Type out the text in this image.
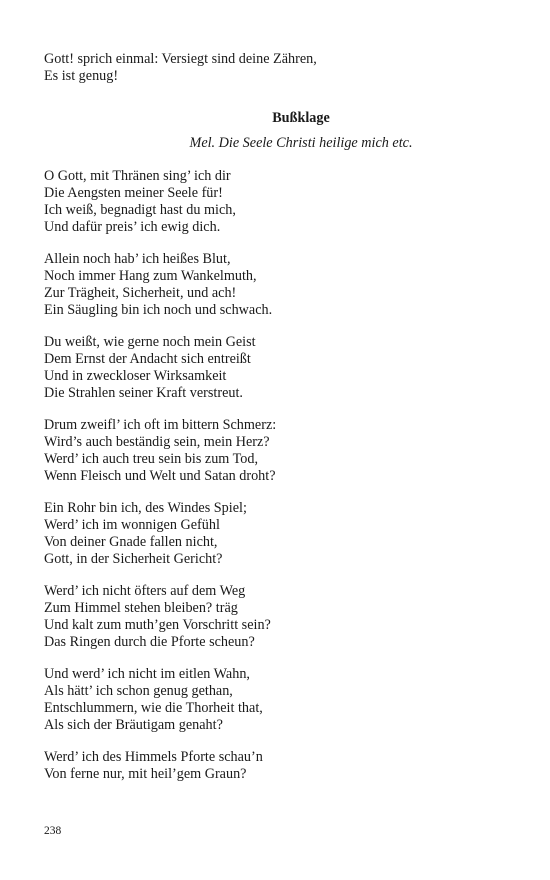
Gott! sprich einmal: Versiegt sind deine Zähren,
Es ist genug!
Bußklage
Mel. Die Seele Christi heilige mich etc.
O Gott, mit Thränen sing’ ich dir
Die Aengsten meiner Seele für!
Ich weiß, begnadigt hast du mich,
Und dafür preis’ ich ewig dich.
Allein noch hab’ ich heißes Blut,
Noch immer Hang zum Wankelmuth,
Zur Trägheit, Sicherheit, und ach!
Ein Säugling bin ich noch und schwach.
Du weißt, wie gerne noch mein Geist
Dem Ernst der Andacht sich entreißt
Und in zweckloser Wirksamkeit
Die Strahlen seiner Kraft verstreut.
Drum zweifl’ ich oft im bittern Schmerz:
Wird’s auch beständig sein, mein Herz?
Werd’ ich auch treu sein bis zum Tod,
Wenn Fleisch und Welt und Satan droht?
Ein Rohr bin ich, des Windes Spiel;
Werd’ ich im wonnigen Gefühl
Von deiner Gnade fallen nicht,
Gott, in der Sicherheit Gericht?
Werd’ ich nicht öfters auf dem Weg
Zum Himmel stehen bleiben? träg
Und kalt zum muth’gen Vorschritt sein?
Das Ringen durch die Pforte scheun?
Und werd’ ich nicht im eitlen Wahn,
Als hätt’ ich schon genug gethan,
Entschlummern, wie die Thorheit that,
Als sich der Bräutigam genaht?
Werd’ ich des Himmels Pforte schau’n
Von ferne nur, mit heil’gem Graun?
238
